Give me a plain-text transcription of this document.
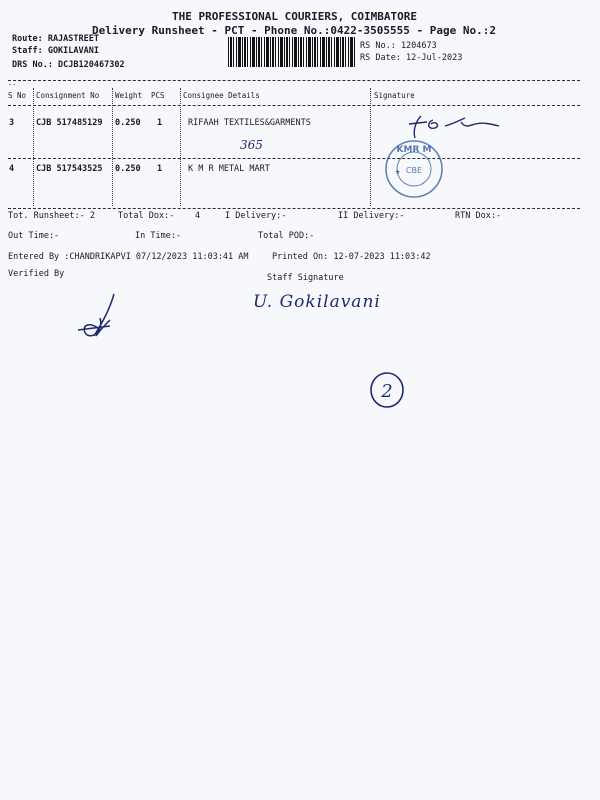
THE PROFESSIONAL COURIERS, COIMBATORE
Delivery Runsheet - PCT - Phone No.:0422-3505555 - Page No.:2
Route: RAJASTREET
Staff: GOKILAVANI
DRS No.: DCJB120467302
RS No.: 1204673
RS Date: 12-Jul-2023
--
S No Consignment No Weight PCS Consignee Details	Signature
3	CJB 517485129 0.250 1	RIFAAH TEXTILES&GARMENTS
365
4	CJB 517543525 0.250 1	K M R METAL MART
KMR M
CBE
★
Tot. Runsheet:- 2	Total Dox:- 4	I Delivery:-	II Delivery:-	RTN Dox:-
Out Time:-	In Time:-	Total POD:-
Entered By :CHANDRIKAPVI 07/12/2023 11:03:41 AM	Printed On: 12-07-2023 11:03:42
Verified By	Staff Signature
U. Gokilavani
2
